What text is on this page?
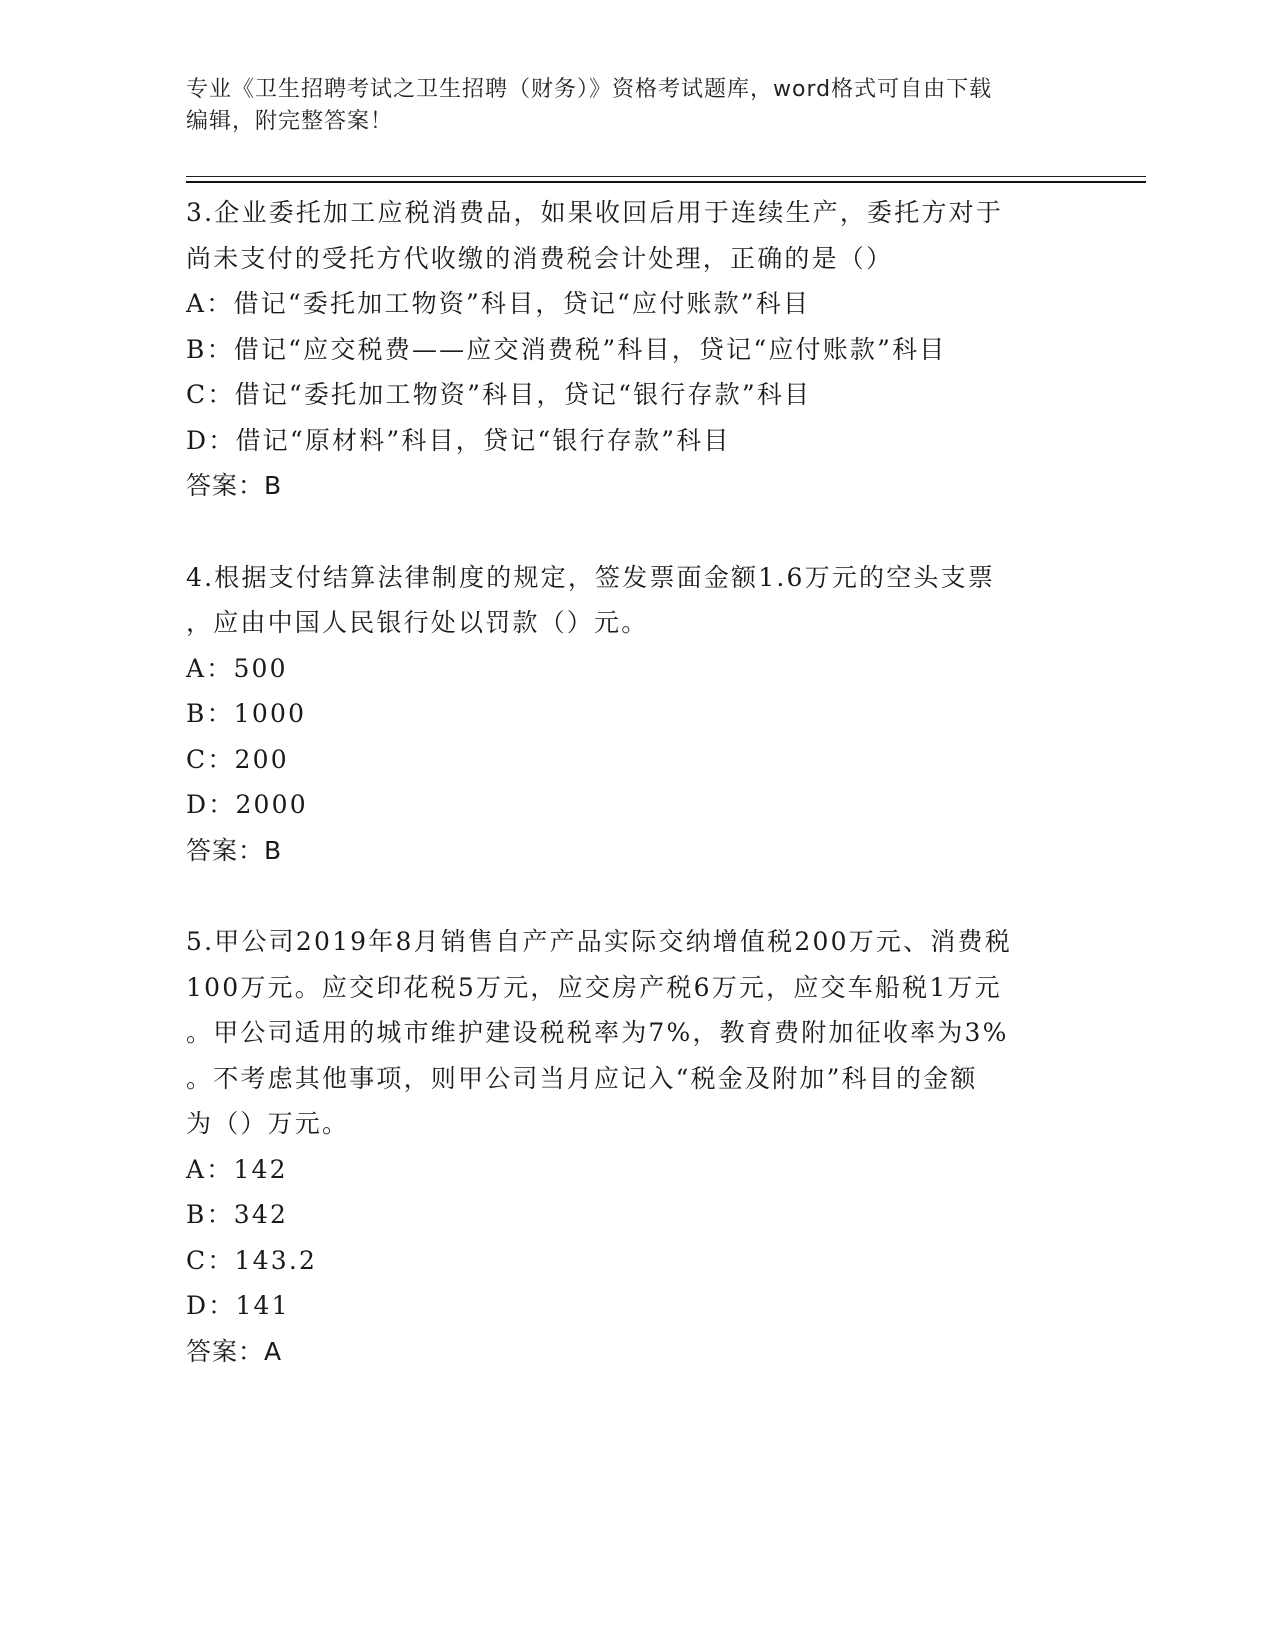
专业《卫生招聘考试之卫生招聘（财务）》资格考试题库，word格式可自由下载
编辑，附完整答案！
3.企业委托加工应税消费品，如果收回后用于连续生产，委托方对于
尚未支付的受托方代收缴的消费税会计处理，正确的是（）
A：借记“委托加工物资”科目，贷记“应付账款”科目
B：借记“应交税费——应交消费税”科目，贷记“应付账款”科目
C：借记“委托加工物资”科目，贷记“银行存款”科目
D：借记“原材料”科目，贷记“银行存款”科目
答案：B
4.根据支付结算法律制度的规定，签发票面金额1.6万元的空头支票
，应由中国人民银行处以罚款（）元。
A：500
B：1000
C：200
D：2000
答案：B
5.甲公司2019年8月销售自产产品实际交纳增值税200万元、消费税
100万元。应交印花税5万元，应交房产税6万元，应交车船税1万元
。甲公司适用的城市维护建设税税率为7%，教育费附加征收率为3%
。不考虑其他事项，则甲公司当月应记入“税金及附加”科目的金额
为（）万元。
A：142
B：342
C：143.2
D：141
答案：A
